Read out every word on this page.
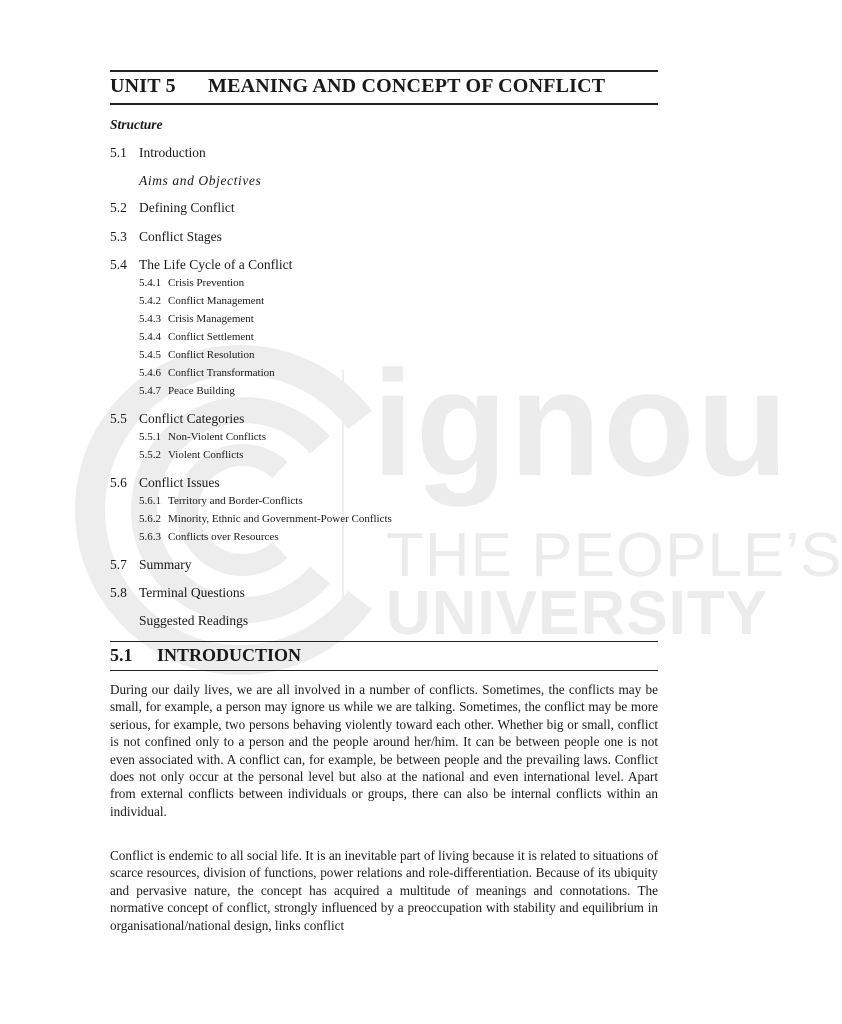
ignou
THE PEOPLE’S
UNIVERSITY
UNIT 5 MEANING AND CONCEPT OF CONFLICT
Structure
5.1 Introduction
Aims and Objectives
5.2 Defining Conflict
5.3 Conflict Stages
5.4 The Life Cycle of a Conflict
5.4.1 Crisis Prevention
5.4.2 Conflict Management
5.4.3 Crisis Management
5.4.4 Conflict Settlement
5.4.5 Conflict Resolution
5.4.6 Conflict Transformation
5.4.7 Peace Building
5.5 Conflict Categories
5.5.1 Non-Violent Conflicts
5.5.2 Violent Conflicts
5.6 Conflict Issues
5.6.1 Territory and Border-Conflicts
5.6.2 Minority, Ethnic and Government-Power Conflicts
5.6.3 Conflicts over Resources
5.7 Summary
5.8 Terminal Questions
Suggested Readings
5.1 INTRODUCTION
During our daily lives, we are all involved in a number of conflicts. Sometimes, the conflicts may be small, for example, a person may ignore us while we are talking. Sometimes, the conflict may be more serious, for example, two persons behaving violently toward each other. Whether big or small, conflict is not confined only to a person and the people around her/him. It can be between people one is not even associated with. A conflict can, for example, be between people and the prevailing laws. Conflict does not only occur at the personal level but also at the national and even international level. Apart from external conflicts between individuals or groups, there can also be internal conflicts within an individual.
Conflict is endemic to all social life. It is an inevitable part of living because it is related to situations of scarce resources, division of functions, power relations and role-differentiation. Because of its ubiquity and pervasive nature, the concept has acquired a multitude of meanings and connotations. The normative concept of conflict, strongly influenced by a preoccupation with stability and equilibrium in organisational/national design, links conflict
